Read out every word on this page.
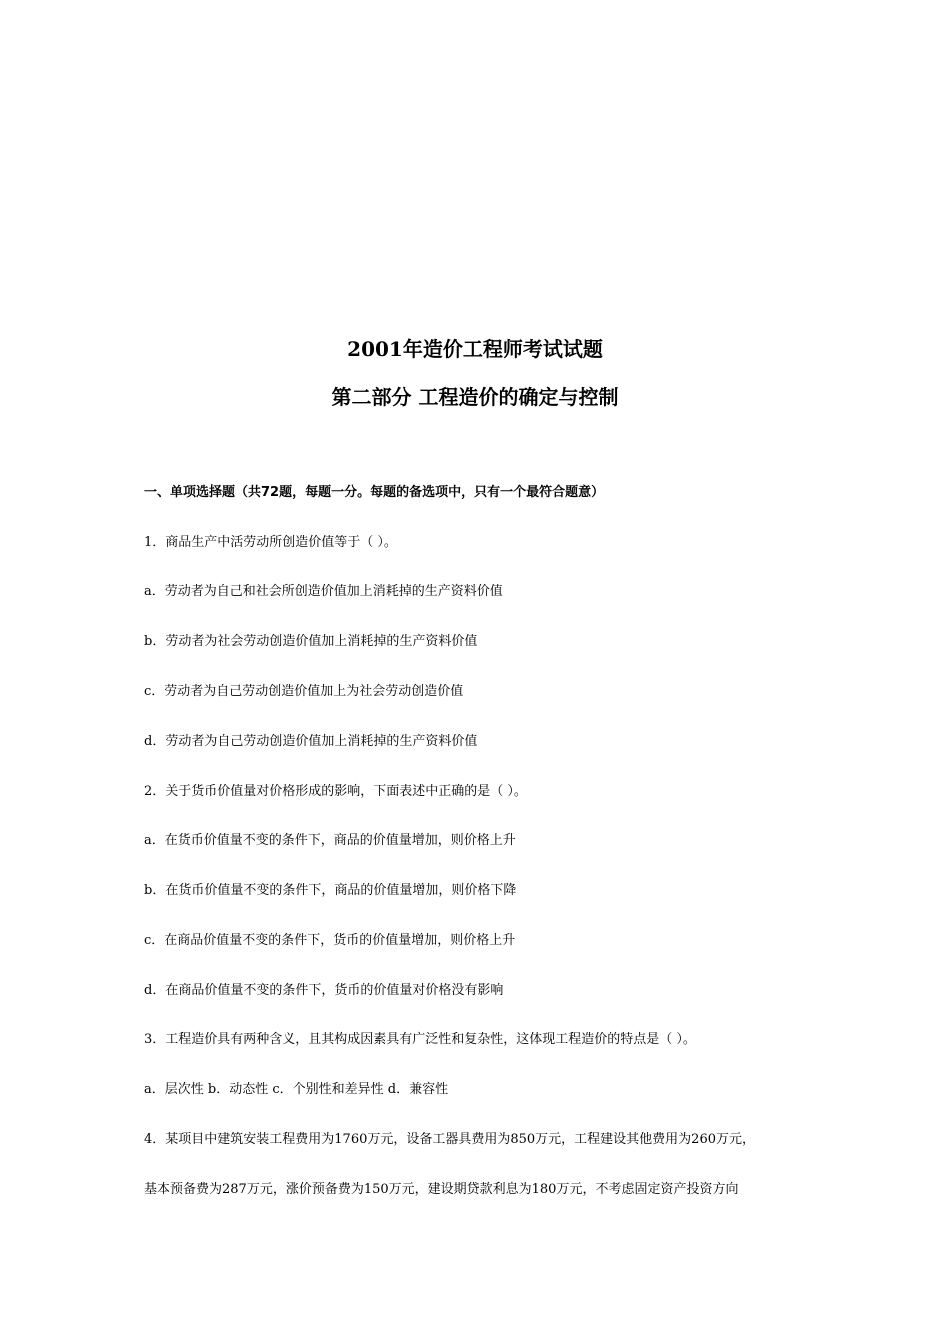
2001年造价工程师考试试题
第二部分 工程造价的确定与控制
一、单项选择题（共72题，每题一分。每题的备选项中，只有一个最符合题意）
1．商品生产中活劳动所创造价值等于（ ）。
a．劳动者为自己和社会所创造价值加上消耗掉的生产资料价值
b．劳动者为社会劳动创造价值加上消耗掉的生产资料价值
c．劳动者为自己劳动创造价值加上为社会劳动创造价值
d．劳动者为自己劳动创造价值加上消耗掉的生产资料价值
2．关于货币价值量对价格形成的影响，下面表述中正确的是（ ）。
a．在货币价值量不变的条件下，商品的价值量增加，则价格上升
b．在货币价值量不变的条件下，商品的价值量增加，则价格下降
c．在商品价值量不变的条件下，货币的价值量增加，则价格上升
d．在商品价值量不变的条件下，货币的价值量对价格没有影响
3．工程造价具有两种含义，且其构成因素具有广泛性和复杂性，这体现工程造价的特点是（ ）。
a．层次性 b．动态性 c．个别性和差异性 d．兼容性
4．某项目中建筑安装工程费用为1760万元，设备工器具费用为850万元，工程建设其他费用为260万元，
基本预备费为287万元，涨价预备费为150万元，建设期贷款利息为180万元，不考虑固定资产投资方向
